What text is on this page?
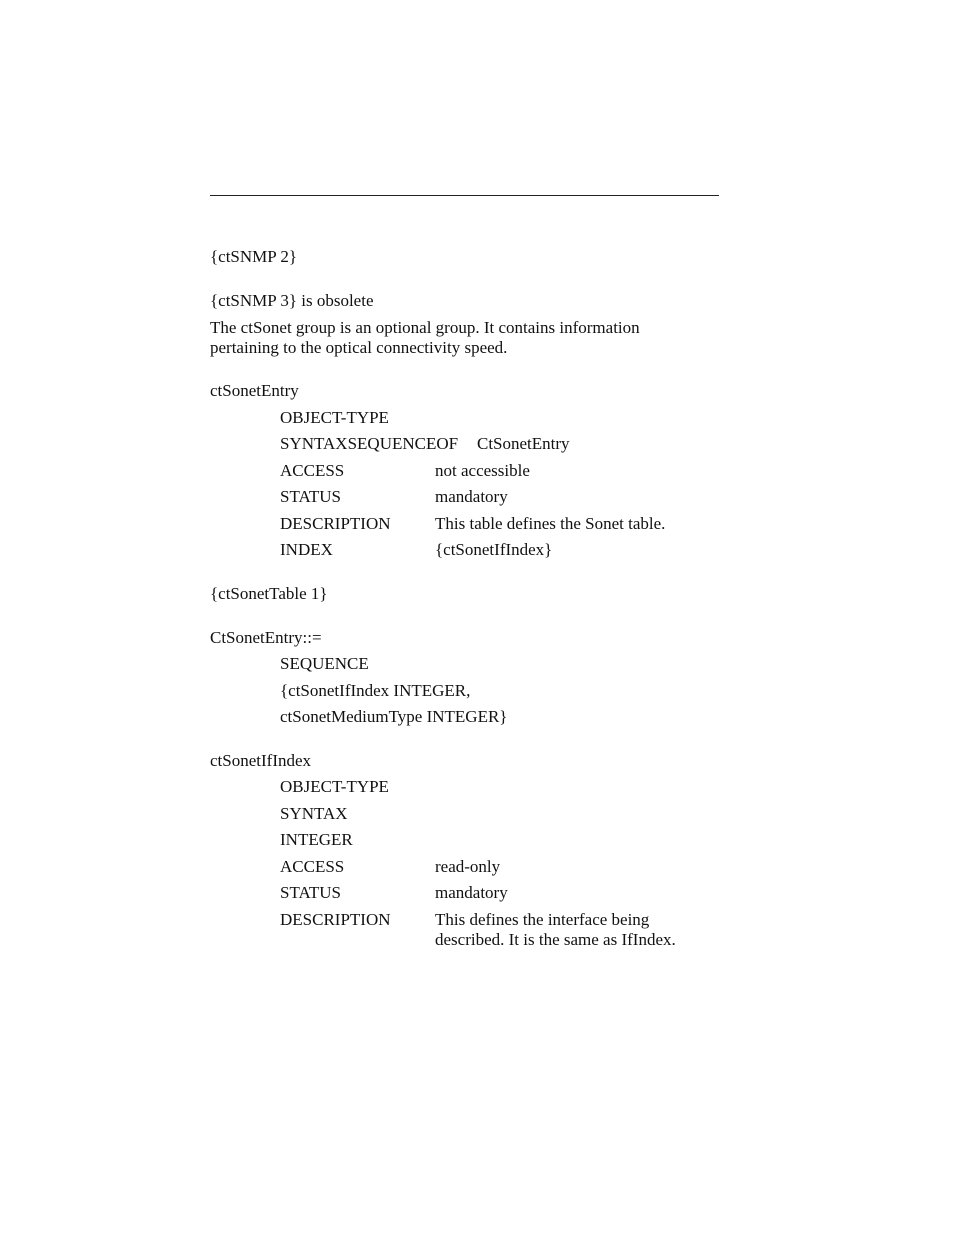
{ctSNMP 2}
{ctSNMP 3} is obsolete
The ctSonet group is an optional group. It contains information pertaining to the optical connectivity speed.
ctSonetEntry
OBJECT-TYPE
SYNTAXSEQUENCEOF CtSonetEntry
ACCESS	not accessible
STATUS	mandatory
DESCRIPTION	This table defines the Sonet table.
INDEX	{ctSonetIfIndex}
{ctSonetTable 1}
CtSonetEntry::=
SEQUENCE
{ctSonetIfIndex INTEGER,
ctSonetMediumType INTEGER}
ctSonetIfIndex
OBJECT-TYPE
SYNTAX
INTEGER
ACCESS	read-only
STATUS	mandatory
DESCRIPTION	This defines the interface being described. It is the same as IfIndex.
